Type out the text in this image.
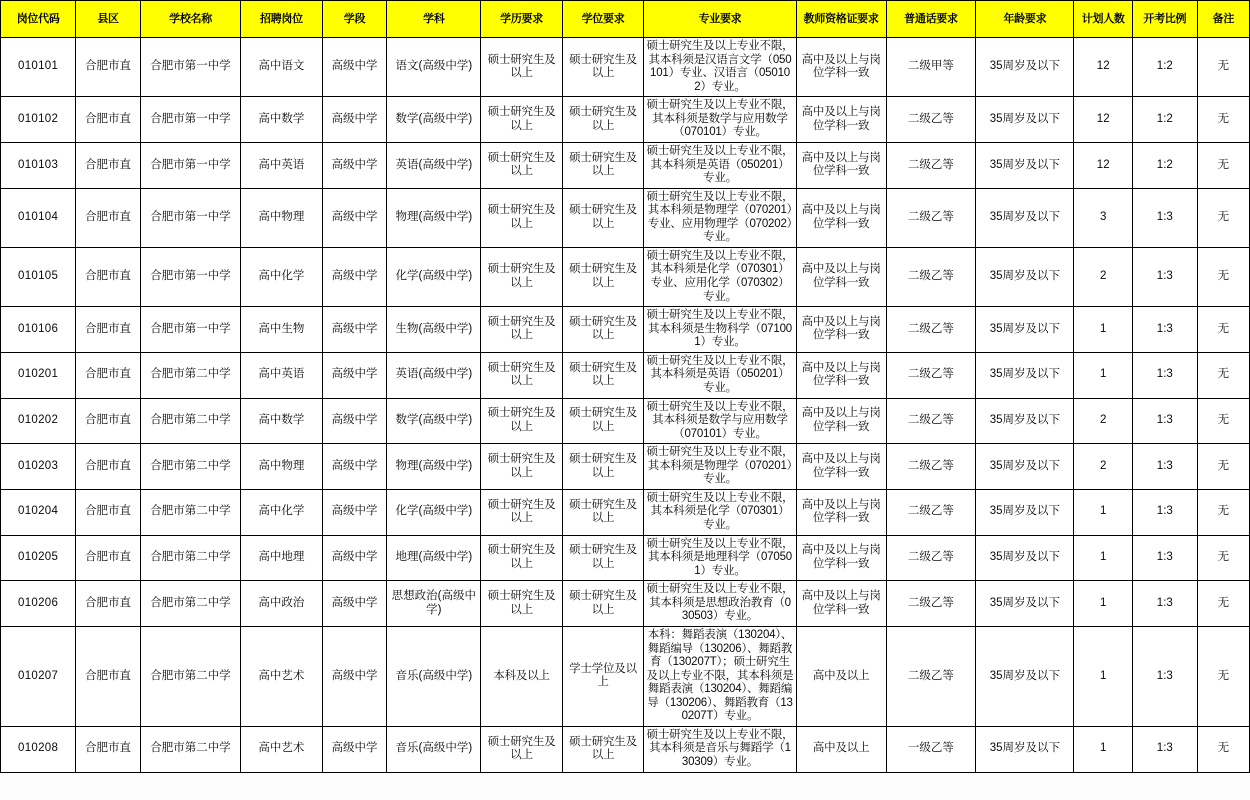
岗位代码	县区	学校名称	招聘岗位	学段	学科	学历要求	学位要求	专业要求	教师资格证要求	普通话要求	年龄要求	计划人数	开考比例	备注
010101	合肥市直	合肥市第一中学	高中语文	高级中学	语文(高级中学)	硕士研究生及以上	硕士研究生及以上	硕士研究生及以上专业不限，其本科须是汉语言文学（050101）专业、汉语言（050102）专业。	高中及以上与岗位学科一致	二级甲等	35周岁及以下	12	1:2	无
010102	合肥市直	合肥市第一中学	高中数学	高级中学	数学(高级中学)	硕士研究生及以上	硕士研究生及以上	硕士研究生及以上专业不限，其本科须是数学与应用数学（070101）专业。	高中及以上与岗位学科一致	二级乙等	35周岁及以下	12	1:2	无
010103	合肥市直	合肥市第一中学	高中英语	高级中学	英语(高级中学)	硕士研究生及以上	硕士研究生及以上	硕士研究生及以上专业不限，其本科须是英语（050201）专业。	高中及以上与岗位学科一致	二级乙等	35周岁及以下	12	1:2	无
010104	合肥市直	合肥市第一中学	高中物理	高级中学	物理(高级中学)	硕士研究生及以上	硕士研究生及以上	硕士研究生及以上专业不限，其本科须是物理学（070201）专业、应用物理学（070202）专业。	高中及以上与岗位学科一致	二级乙等	35周岁及以下	3	1:3	无
010105	合肥市直	合肥市第一中学	高中化学	高级中学	化学(高级中学)	硕士研究生及以上	硕士研究生及以上	硕士研究生及以上专业不限，其本科须是化学（070301）专业、应用化学（070302）专业。	高中及以上与岗位学科一致	二级乙等	35周岁及以下	2	1:3	无
010106	合肥市直	合肥市第一中学	高中生物	高级中学	生物(高级中学)	硕士研究生及以上	硕士研究生及以上	硕士研究生及以上专业不限，其本科须是生物科学（071001）专业。	高中及以上与岗位学科一致	二级乙等	35周岁及以下	1	1:3	无
010201	合肥市直	合肥市第二中学	高中英语	高级中学	英语(高级中学)	硕士研究生及以上	硕士研究生及以上	硕士研究生及以上专业不限，其本科须是英语（050201）专业。	高中及以上与岗位学科一致	二级乙等	35周岁及以下	1	1:3	无
010202	合肥市直	合肥市第二中学	高中数学	高级中学	数学(高级中学)	硕士研究生及以上	硕士研究生及以上	硕士研究生及以上专业不限，其本科须是数学与应用数学（070101）专业。	高中及以上与岗位学科一致	二级乙等	35周岁及以下	2	1:3	无
010203	合肥市直	合肥市第二中学	高中物理	高级中学	物理(高级中学)	硕士研究生及以上	硕士研究生及以上	硕士研究生及以上专业不限，其本科须是物理学（070201）专业。	高中及以上与岗位学科一致	二级乙等	35周岁及以下	2	1:3	无
010204	合肥市直	合肥市第二中学	高中化学	高级中学	化学(高级中学)	硕士研究生及以上	硕士研究生及以上	硕士研究生及以上专业不限，其本科须是化学（070301）专业。	高中及以上与岗位学科一致	二级乙等	35周岁及以下	1	1:3	无
010205	合肥市直	合肥市第二中学	高中地理	高级中学	地理(高级中学)	硕士研究生及以上	硕士研究生及以上	硕士研究生及以上专业不限，其本科须是地理科学（070501）专业。	高中及以上与岗位学科一致	二级乙等	35周岁及以下	1	1:3	无
010206	合肥市直	合肥市第二中学	高中政治	高级中学	思想政治(高级中学)	硕士研究生及以上	硕士研究生及以上	硕士研究生及以上专业不限，其本科须是思想政治教育（030503）专业。	高中及以上与岗位学科一致	二级乙等	35周岁及以下	1	1:3	无
010207	合肥市直	合肥市第二中学	高中艺术	高级中学	音乐(高级中学)	本科及以上	学士学位及以上	本科：舞蹈表演（130204）、舞蹈编导（130206）、舞蹈教育（130207T）；硕士研究生及以上专业不限，其本科须是舞蹈表演（130204）、舞蹈编导（130206）、舞蹈教育（130207T）专业。	高中及以上	二级乙等	35周岁及以下	1	1:3	无
010208	合肥市直	合肥市第二中学	高中艺术	高级中学	音乐(高级中学)	硕士研究生及以上	硕士研究生及以上	硕士研究生及以上专业不限，其本科须是音乐与舞蹈学（130309）专业。	高中及以上	一级乙等	35周岁及以下	1	1:3	无
